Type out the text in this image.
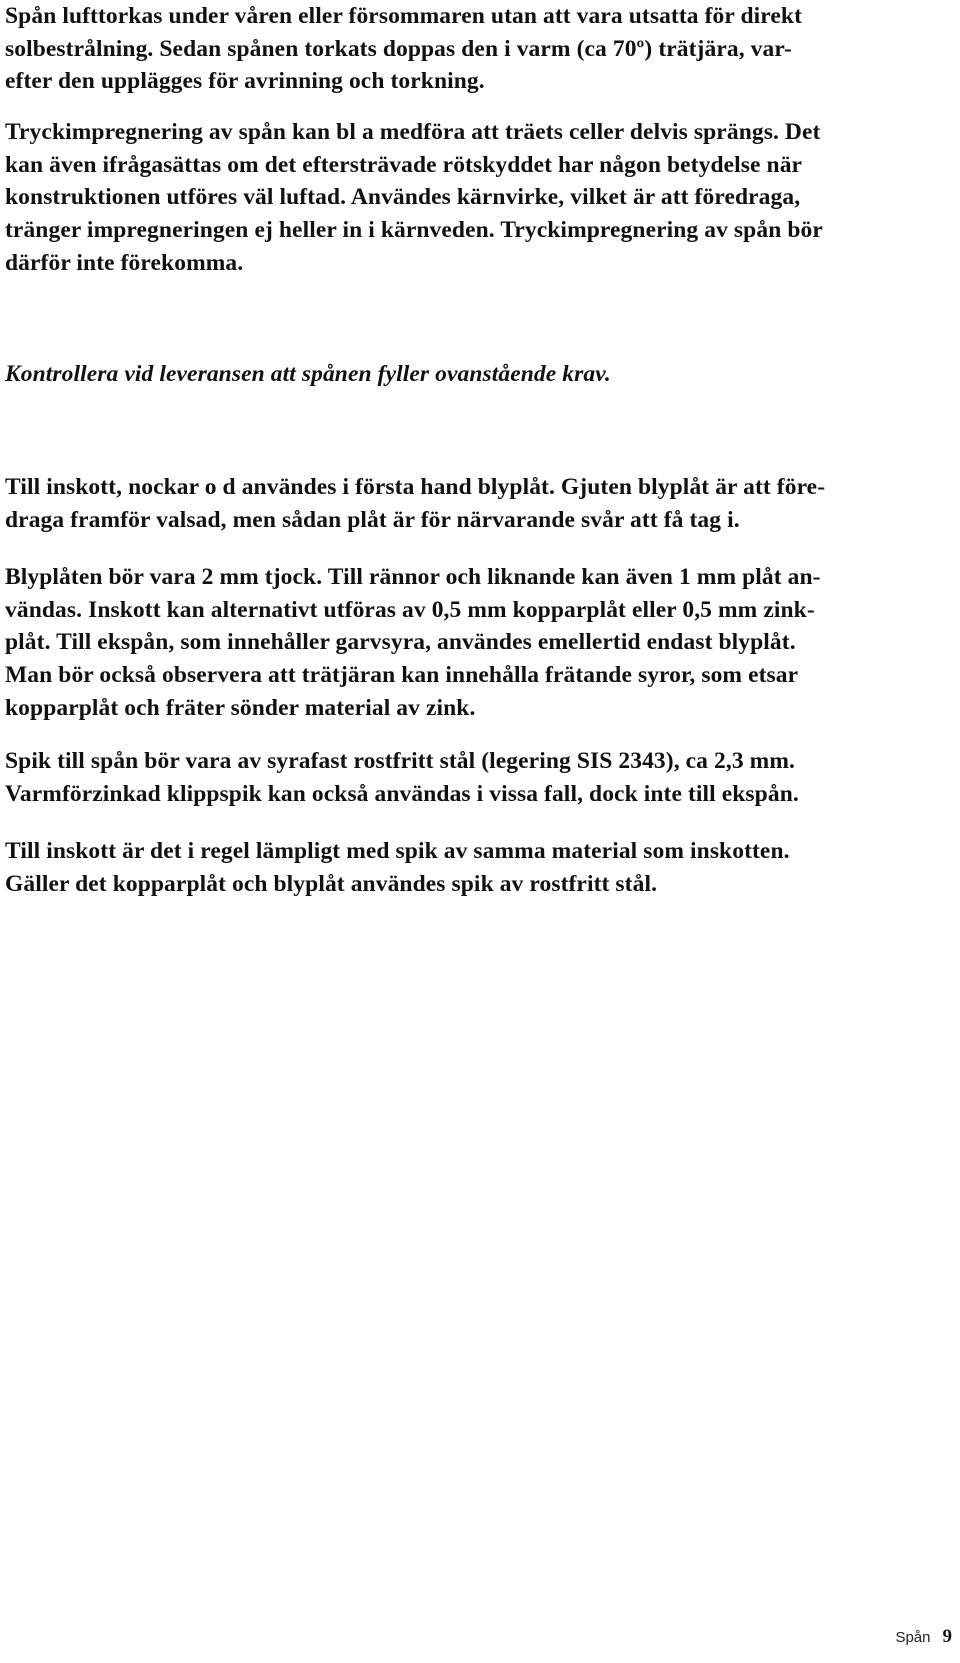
Spån lufttorkas under våren eller försommaren utan att vara utsatta för direkt
solbestrålning. Sedan spånen torkats doppas den i varm (ca 70º) trätjära, var-
efter den upplägges för avrinning och torkning.

Tryckimpregnering av spån kan bl a medföra att träets celler delvis sprängs. Det
kan även ifrågasättas om det eftersträvade rötskyddet har någon betydelse när
konstruktionen utföres väl luftad. Användes kärnvirke, vilket är att föredraga,
tränger impregneringen ej heller in i kärnveden. Tryckimpregnering av spån bör
därför inte förekomma.

Kontrollera vid leveransen att spånen fyller ovanstående krav.

Till inskott, nockar o d användes i första hand blyplåt. Gjuten blyplåt är att före-
draga framför valsad, men sådan plåt är för närvarande svår att få tag i.

Blyplåten bör vara 2 mm tjock. Till rännor och liknande kan även 1 mm plåt an-
vändas. Inskott kan alternativt utföras av 0,5 mm kopparplåt eller 0,5 mm zink-
plåt. Till ekspån, som innehåller garvsyra, användes emellertid endast blyplåt.
Man bör också observera att trätjäran kan innehålla frätande syror, som etsar
kopparplåt och fräter sönder material av zink.

Spik till spån bör vara av syrafast rostfritt stål (legering SIS 2343), ca 2,3 mm.
Varmförzinkad klippspik kan också användas i vissa fall, dock inte till ekspån.

Till inskott är det i regel lämpligt med spik av samma material som inskotten.
Gäller det kopparplåt och blyplåt användes spik av rostfritt stål.

Spån 9
